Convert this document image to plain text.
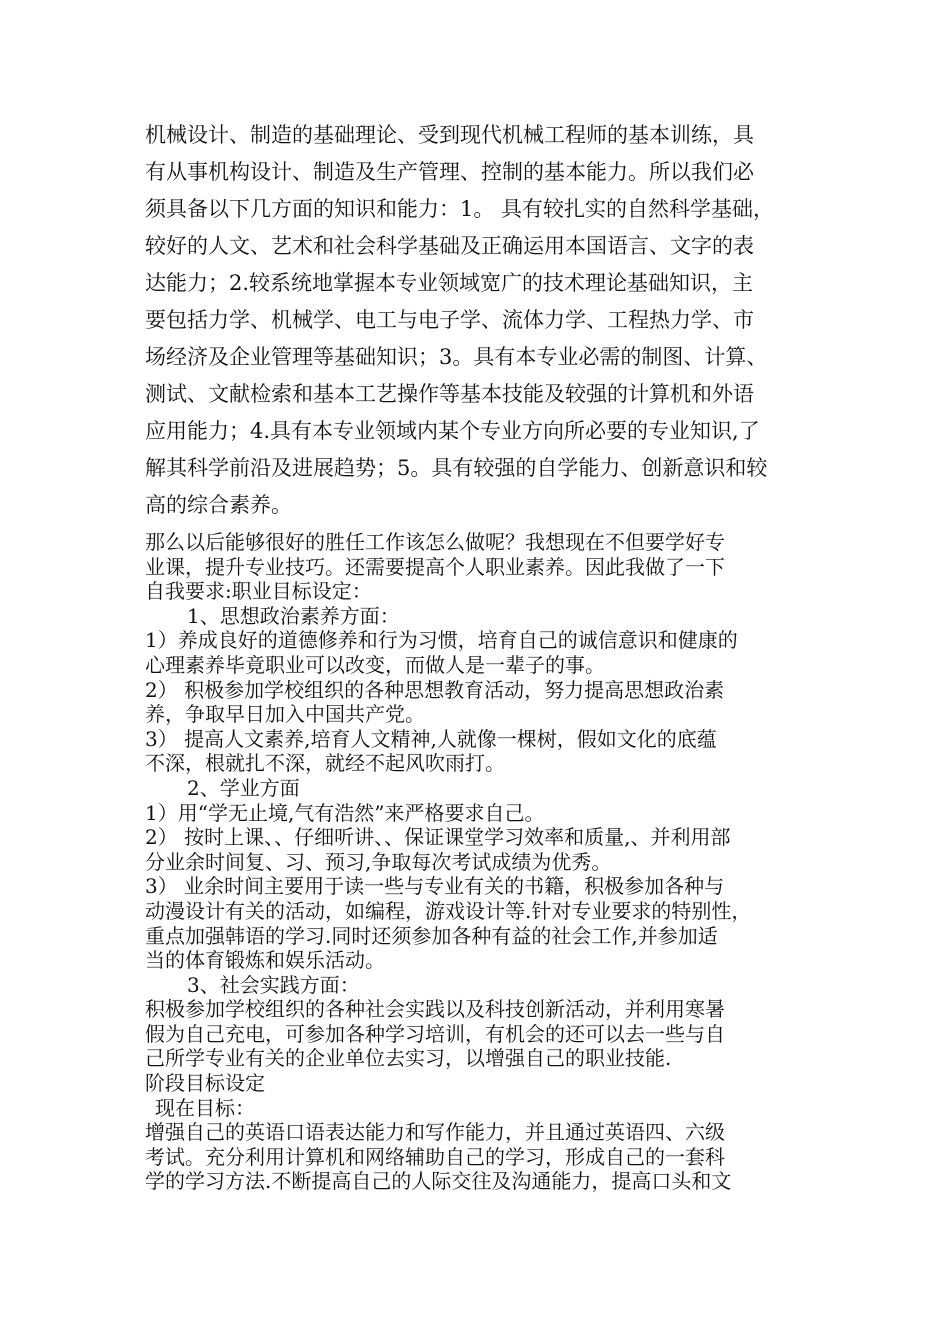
机械设计、制造的基础理论、受到现代机械工程师的基本训练，具
有从事机构设计、制造及生产管理、控制的基本能力。所以我们必
须具备以下几方面的知识和能力：1。 具有较扎实的自然科学基础，
较好的人文、艺术和社会科学基础及正确运用本国语言、文字的表
达能力；2.较系统地掌握本专业领域宽广的技术理论基础知识，主
要包括力学、机械学、电工与电子学、流体力学、工程热力学、市
场经济及企业管理等基础知识；3。具有本专业必需的制图、计算、
测试、文献检索和基本工艺操作等基本技能及较强的计算机和外语
应用能力；4.具有本专业领域内某个专业方向所必要的专业知识,了
解其科学前沿及进展趋势；5。具有较强的自学能力、创新意识和较
高的综合素养。
那么以后能够很好的胜任工作该怎么做呢？我想现在不但要学好专
业课，提升专业技巧。还需要提高个人职业素养。因此我做了一下
自我要求:职业目标设定：
1、思想政治素养方面：
1）养成良好的道德修养和行为习惯，培育自己的诚信意识和健康的
心理素养毕竟职业可以改变，而做人是一辈子的事。
2） 积极参加学校组织的各种思想教育活动，努力提高思想政治素
养，争取早日加入中国共产党。
3） 提高人文素养,培育人文精神,人就像一棵树，假如文化的底蕴
不深，根就扎不深，就经不起风吹雨打。
2、学业方面
1）用“学无止境,气有浩然”来严格要求自己。
2） 按时上课、、仔细听讲、、保证课堂学习效率和质量,、并利用部
分业余时间复、习、预习,争取每次考试成绩为优秀。
3） 业余时间主要用于读一些与专业有关的书籍，积极参加各种与
动漫设计有关的活动，如编程，游戏设计等.针对专业要求的特别性，
重点加强韩语的学习.同时还须参加各种有益的社会工作,并参加适
当的体育锻炼和娱乐活动。
3、社会实践方面：
积极参加学校组织的各种社会实践以及科技创新活动，并利用寒暑
假为自己充电，可参加各种学习培训，有机会的还可以去一些与自
己所学专业有关的企业单位去实习，以增强自己的职业技能.
阶段目标设定
现在目标：
增强自己的英语口语表达能力和写作能力，并且通过英语四、六级
考试。充分利用计算机和网络辅助自己的学习，形成自己的一套科
学的学习方法.不断提高自己的人际交往及沟通能力，提高口头和文
